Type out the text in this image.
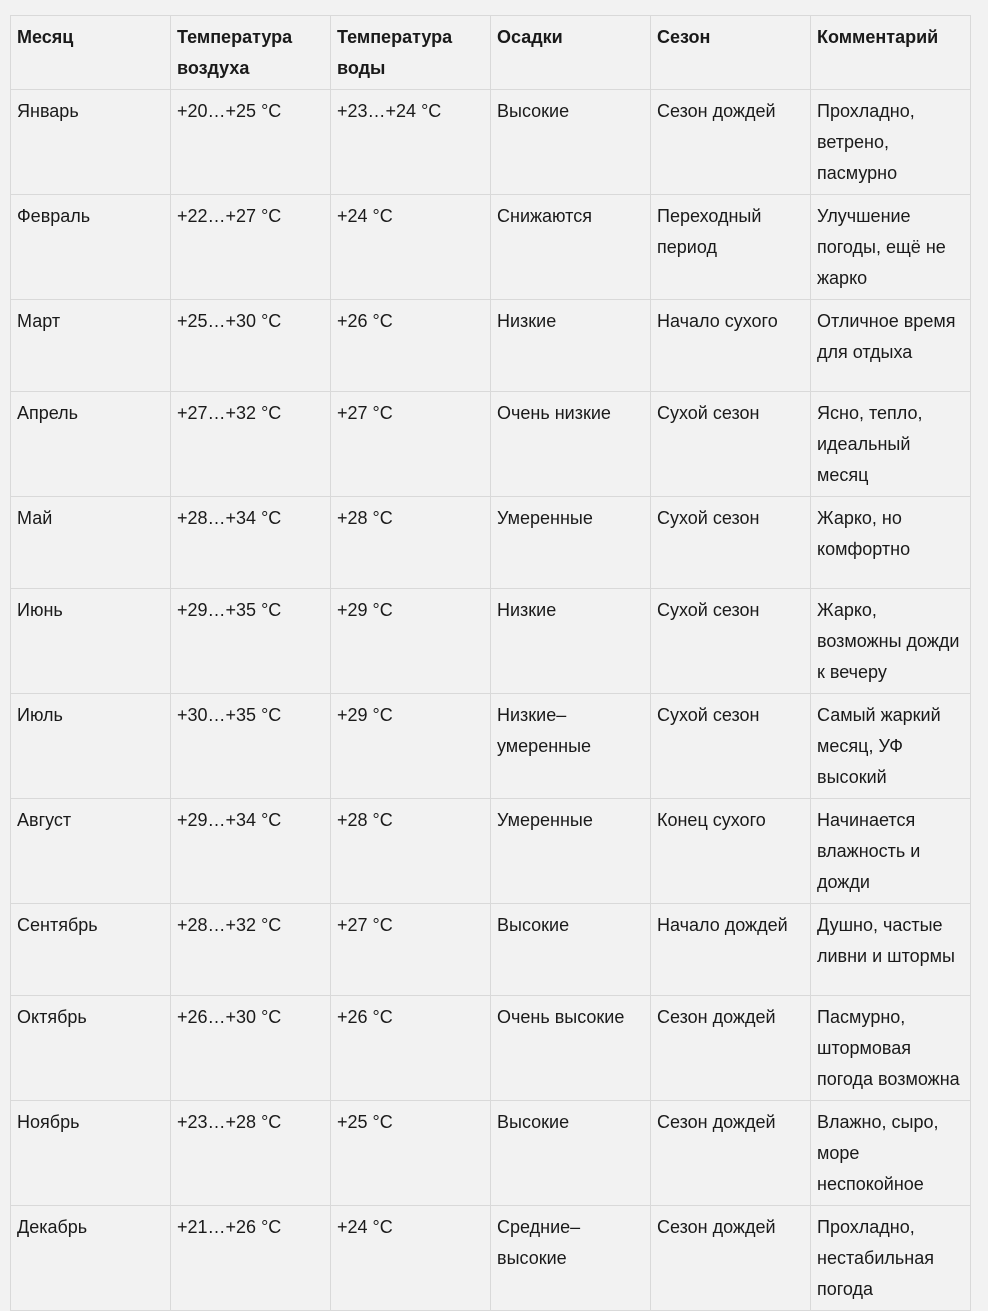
Месяц	Температура воздуха	Температура воды	Осадки	Сезон	Комментарий
Январь	+20…+25 °C	+23…+24 °C	Высокие	Сезон дождей	Прохладно, ветрено, пасмурно
Февраль	+22…+27 °C	+24 °C	Снижаются	Переходный период	Улучшение погоды, ещё не жарко
Март	+25…+30 °C	+26 °C	Низкие	Начало сухого	Отличное время для отдыха
Апрель	+27…+32 °C	+27 °C	Очень низкие	Сухой сезон	Ясно, тепло, идеальный месяц
Май	+28…+34 °C	+28 °C	Умеренные	Сухой сезон	Жарко, но комфортно
Июнь	+29…+35 °C	+29 °C	Низкие	Сухой сезон	Жарко, возможны дожди к вечеру
Июль	+30…+35 °C	+29 °C	Низкие–умеренные	Сухой сезон	Самый жаркий месяц, УФ высокий
Август	+29…+34 °C	+28 °C	Умеренные	Конец сухого	Начинается влажность и дожди
Сентябрь	+28…+32 °C	+27 °C	Высокие	Начало дождей	Душно, частые ливни и штормы
Октябрь	+26…+30 °C	+26 °C	Очень высокие	Сезон дождей	Пасмурно, штормовая погода возможна
Ноябрь	+23…+28 °C	+25 °C	Высокие	Сезон дождей	Влажно, сыро, море неспокойное
Декабрь	+21…+26 °C	+24 °C	Средние–высокие	Сезон дождей	Прохладно, нестабильная погода
